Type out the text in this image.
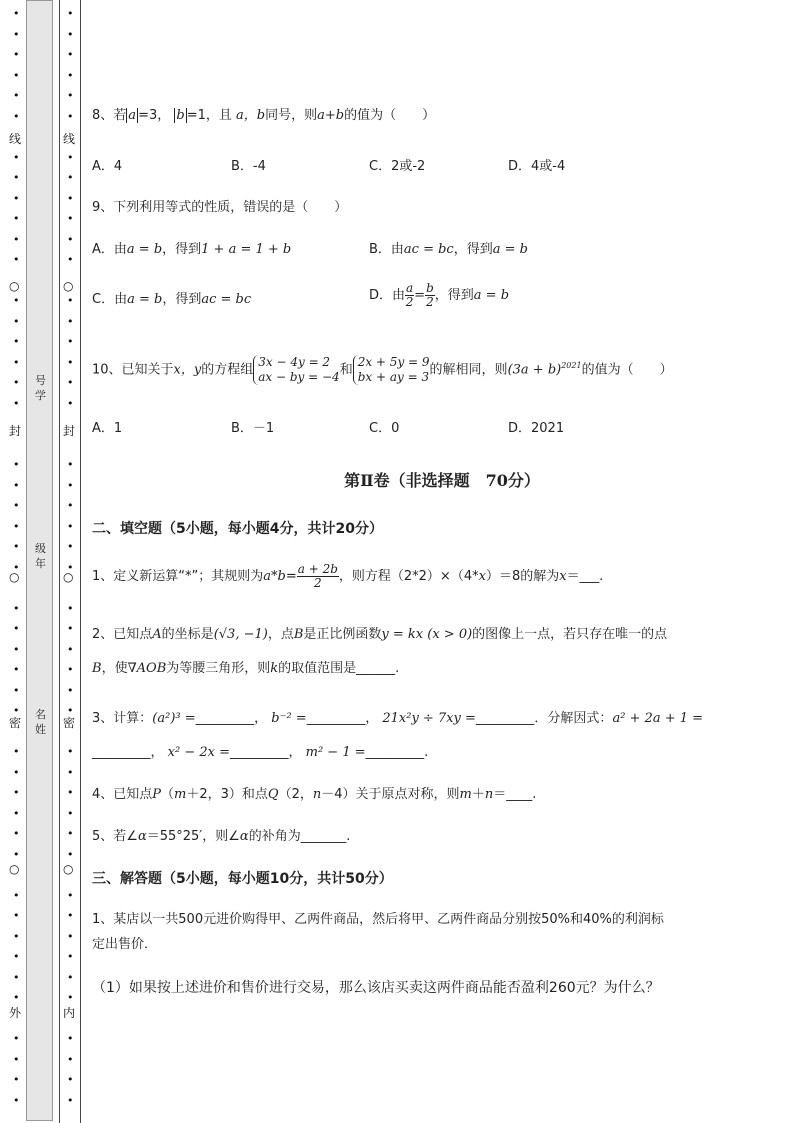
号
学
级
年
名
姓
线
○
封
○
密
○
外
•
•
•
•
•
•
•
•
•
•
•
•
•
•
•
•
•
•
•
•
•
•
•
•
•
•
•
•
•
•
•
•
•
•
•
•
•
•
•
•
•
•
•
•
•
•
线
○
封
○
密
○
内
•
•
•
•
•
•
•
•
•
•
•
•
•
•
•
•
•
•
•
•
•
•
•
•
•
•
•
•
•
•
•
•
•
•
•
•
•
•
•
•
•
•
•
•
•
•
8、若 a =3， b =1，且 a，b同号，则a+b的值为（　　）
A．4	B．-4	C．2或-2	D．4或-4
9、下列利用等式的性质，错误的是（　　）
A．由a = b，得到1 + a = 1 + b	B．由ac = bc，得到a = b
C．由a = b，得到ac = bc	D．由 $\frac{a}{2} = \frac{b}{2}$ ，得到a = b
10、已知关于x，y的方程组
3x − 4y = 2
ax − by = −4 和
2x + 5y = 9
bx + ay = 3 的解相同，则$(3a + b)^{2021}$的值为（　　）
A．1	B．－1	C．0	D．2021
第Ⅱ卷（非选择题　70分）
二、填空题（5小题，每小题4分，共计20分）
1、定义新运算“*”；其规则为$a*b= \frac{a + 2b}{2}$ ，则方程（2*2）×（4*x）＝8的解为x＝___.
2、已知点A的坐标是(√3, −1)，点B是正比例函数y = kx (x > 0)的图像上一点，若只存在唯一的点
B，使∇AOB为等腰三角形，则k的取值范围是______.
3、计算：(a²)³ =_________， b⁻² =_________， 21x²y ÷ 7xy =_________．分解因式：a² + 2a + 1 =
_________， x² − 2x =_________， m² − 1 =_________.
4、已知点P（m＋2，3）和点Q（2，n－4）关于原点对称，则m＋n＝____.
5、若∠α＝55°25′，则∠α的补角为_______.
三、解答题（5小题，每小题10分，共计50分）
1、某店以一共500元进价购得甲、乙两件商品，然后将甲、乙两件商品分别按50%和40%的利润标
定出售价．
（1）如果按上述进价和售价进行交易，那么该店买卖这两件商品能否盈利260元？为什么？
